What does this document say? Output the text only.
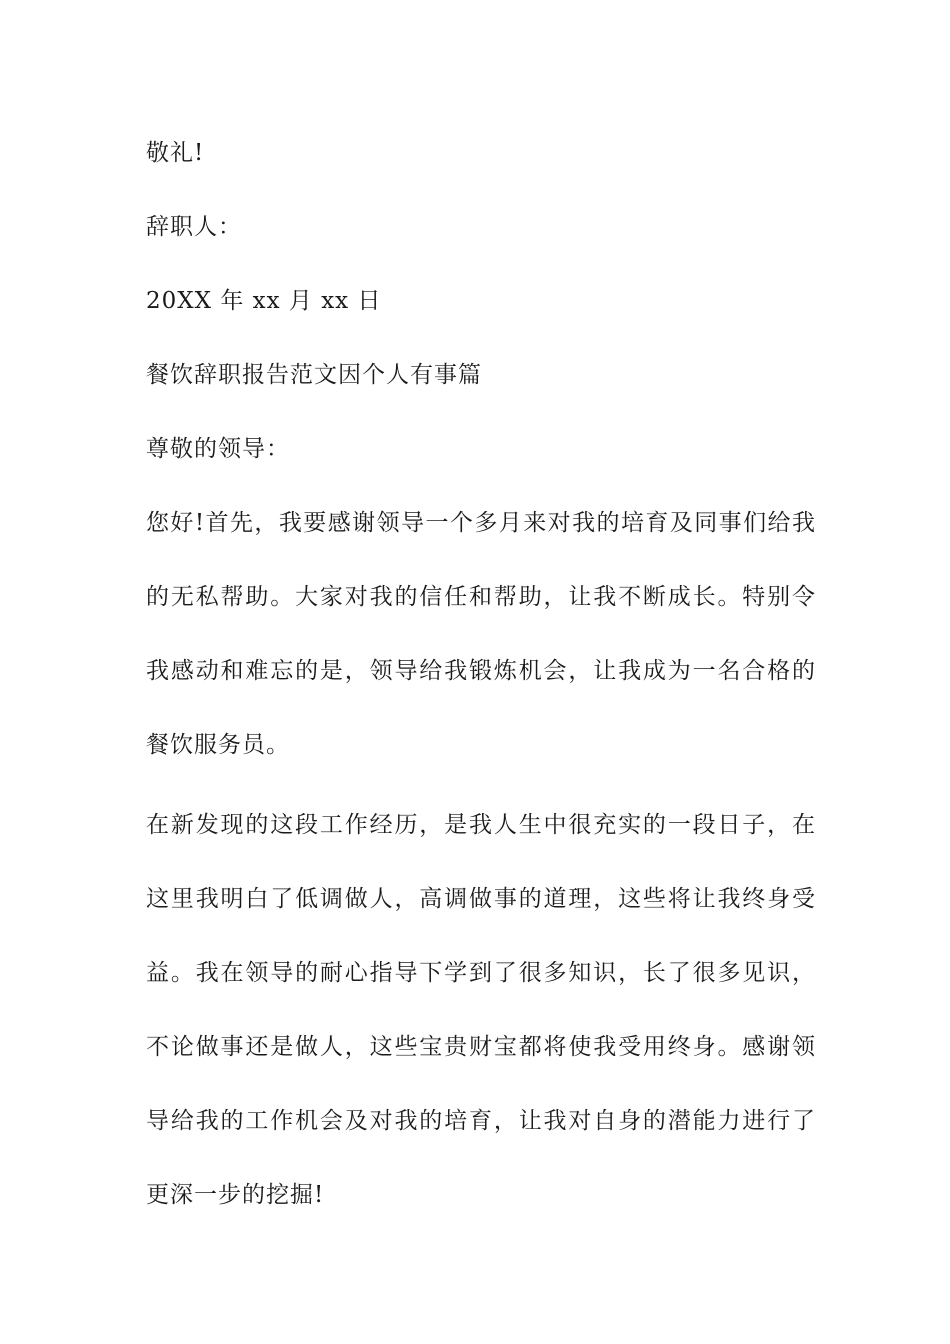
敬礼!
辞职人：
20XX 年 xx 月 xx 日
餐饮辞职报告范文因个人有事篇
尊敬的领导：
您好!首先，我要感谢领导一个多月来对我的培育及同事们给我
的无私帮助。大家对我的信任和帮助，让我不断成长。特别令
我感动和难忘的是，领导给我锻炼机会，让我成为一名合格的
餐饮服务员。
在新发现的这段工作经历，是我人生中很充实的一段日子，在
这里我明白了低调做人，高调做事的道理，这些将让我终身受
益。我在领导的耐心指导下学到了很多知识，长了很多见识，
不论做事还是做人，这些宝贵财宝都将使我受用终身。感谢领
导给我的工作机会及对我的培育，让我对自身的潜能力进行了
更深一步的挖掘!
